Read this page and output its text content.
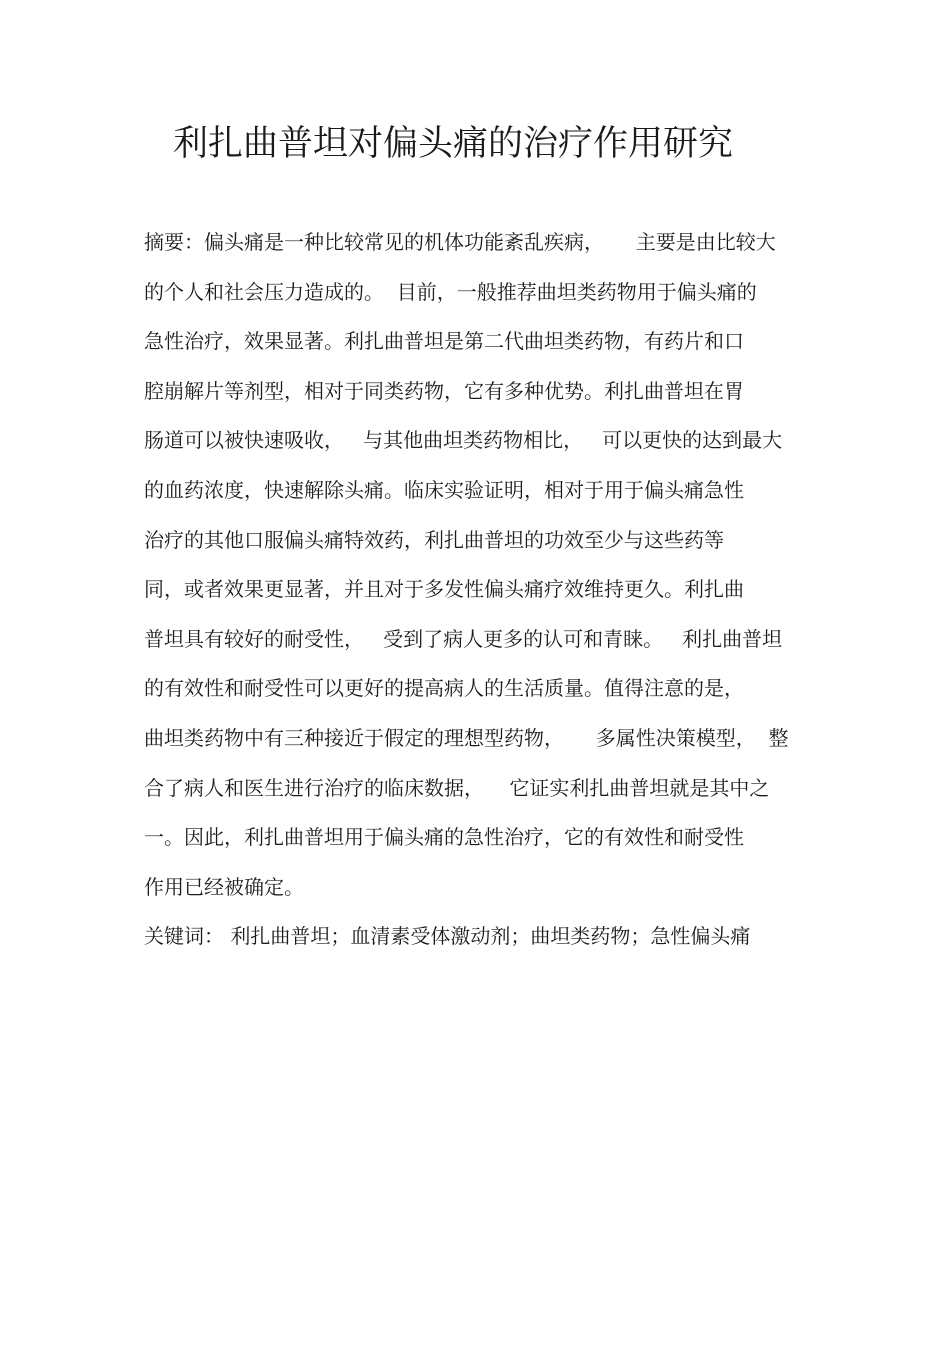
利扎曲普坦对偏头痛的治疗作用研究
摘要：偏头痛是一种比较常见的机体功能紊乱疾病，     主要是由比较大
的个人和社会压力造成的。  目前，一般推荐曲坦类药物用于偏头痛的
急性治疗，效果显著。利扎曲普坦是第二代曲坦类药物，有药片和口
腔崩解片等剂型，相对于同类药物，它有多种优势。利扎曲普坦在胃
肠道可以被快速吸收，   与其他曲坦类药物相比，   可以更快的达到最大
的血药浓度，快速解除头痛。临床实验证明，相对于用于偏头痛急性
治疗的其他口服偏头痛特效药，利扎曲普坦的功效至少与这些药等
同，或者效果更显著，并且对于多发性偏头痛疗效维持更久。利扎曲
普坦具有较好的耐受性，   受到了病人更多的认可和青睐。   利扎曲普坦
的有效性和耐受性可以更好的提高病人的生活质量。值得注意的是，
曲坦类药物中有三种接近于假定的理想型药物，     多属性决策模型，  整
合了病人和医生进行治疗的临床数据，    它证实利扎曲普坦就是其中之
一。因此，利扎曲普坦用于偏头痛的急性治疗，它的有效性和耐受性
作用已经被确定。
关键词： 利扎曲普坦；血清素受体激动剂；曲坦类药物；急性偏头痛
